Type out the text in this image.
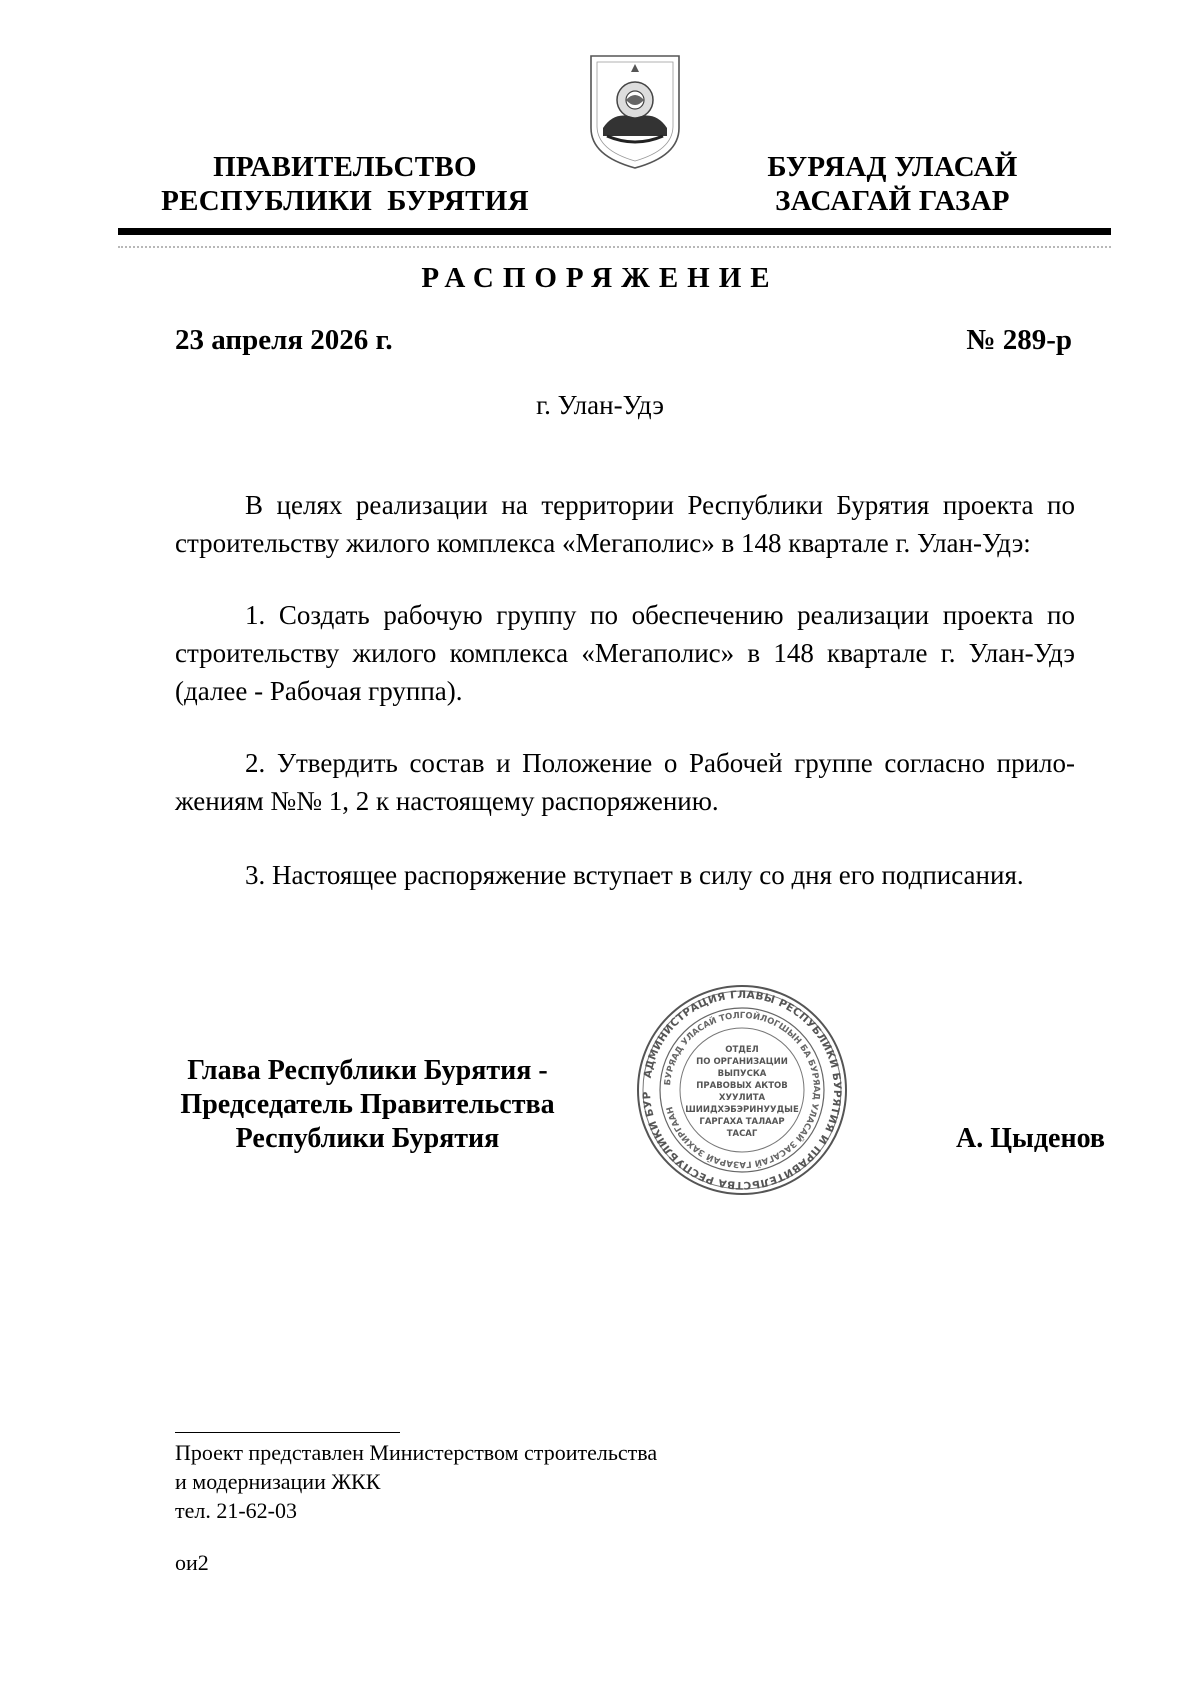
ПРАВИТЕЛЬСТВО
РЕСПУБЛИКИ  БУРЯТИЯ
БУРЯАД УЛАСАЙ
ЗАСАГАЙ ГАЗАР
РАСПОРЯЖЕНИЕ
23 апреля 2026 г.	№ 289-р
г. Улан-Удэ
В целях реализации на территории Республики Бурятия проекта по
строительству жилого комплекса «Мегаполис» в 148 квартале г. Улан-Удэ:
1. Создать рабочую группу по обеспечению реализации проекта по
строительству жилого комплекса «Мегаполис» в 148 квартале г. Улан-Удэ
(далее - Рабочая группа).
2. Утвердить состав и Положение о Рабочей группе согласно прило-
жениям №№ 1, 2 к настоящему распоряжению.
3. Настоящее распоряжение вступает в силу со дня его подписания.
Глава Республики Бурятия -
Председатель Правительства
Республики Бурятия	А. Цыденов
АДМИНИСТРАЦИЯ ГЛАВЫ РЕСПУБЛИКИ БУРЯТИЯ И ПРАВИТЕЛЬСТВА РЕСПУБЛИКИ БУР
БУРЯАД УЛАСАЙ ТОЛГОЙЛОГШЫН БА БУРЯАД УЛАСАЙ ЗАСАГАЙ ГАЗАРАЙ ЗАХИРГААН
ОТДЕЛ
ПО ОРГАНИЗАЦИИ
ВЫПУСКА
ПРАВОВЫХ АКТОВ
ХУУЛИТА
ШИИДХЭБЭРИНУУДЫЕ
ГАРГАХА ТАЛААР
ТАСАГ
Проект представлен Министерством строительства
и модернизации ЖКК
тел. 21-62-03
ои2
